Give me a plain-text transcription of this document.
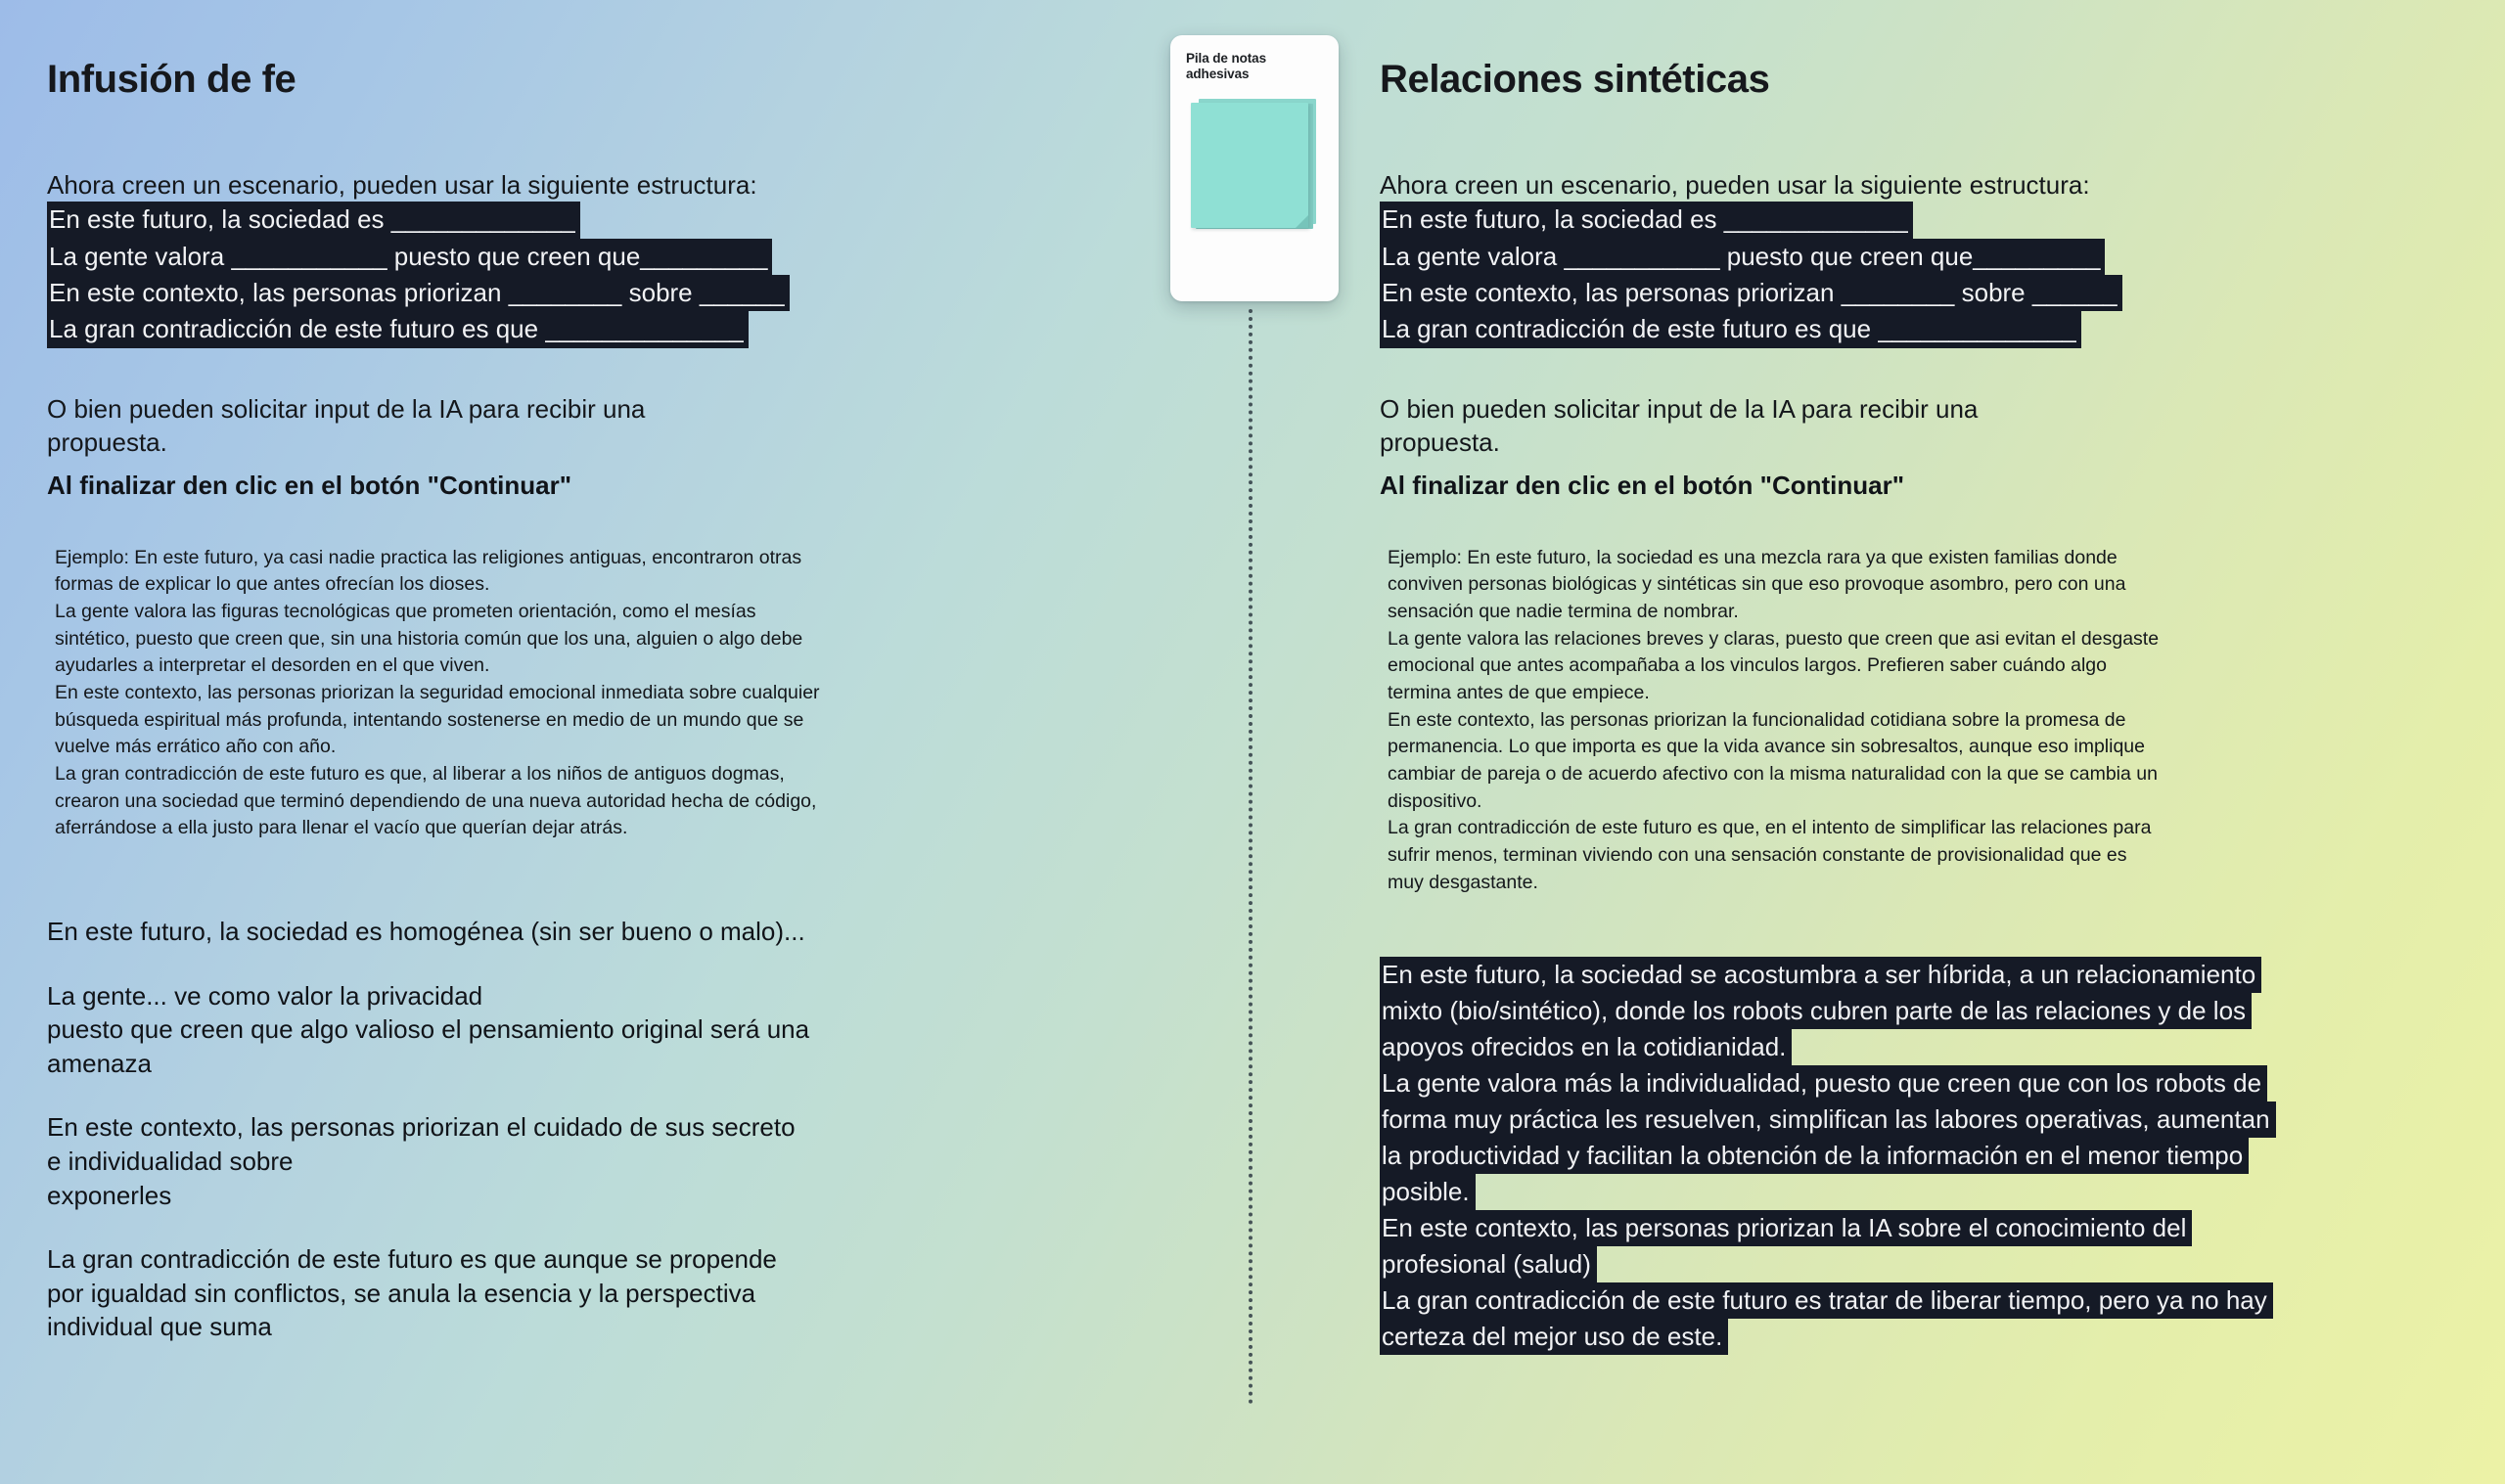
Infusión de fe
Ahora creen un escenario, pueden usar la siguiente estructura:
En este futuro, la sociedad es _____________
La gente valora ___________ puesto que creen que_________
En este contexto, las personas priorizan ________ sobre ______
La gran contradicción de este futuro es que ______________
O bien pueden solicitar input de la IA para recibir una
propuesta.
Al finalizar den clic en el botón "Continuar"

Ejemplo: En este futuro, ya casi nadie practica las religiones antiguas, encontraron otras

formas de explicar lo que antes ofrecían los dioses.

La gente valora las figuras tecnológicas que prometen orientación, como el mesías

sintético, puesto que creen que, sin una historia común que los una, alguien o algo debe

ayudarles a interpretar el desorden en el que viven.

En este contexto, las personas priorizan la seguridad emocional inmediata sobre cualquier

búsqueda espiritual más profunda, intentando sostenerse en medio de un mundo que se

vuelve más errático año con año.

La gran contradicción de este futuro es que, al liberar a los niños de antiguos dogmas,

crearon una sociedad que terminó dependiendo de una nueva autoridad hecha de código,

aferrándose a ella justo para llenar el vacío que querían dejar atrás.

En este futuro, la sociedad es homogénea (sin ser bueno o malo)...
La gente... ve como valor la privacidad
puesto que creen que algo valioso el pensamiento original será una
amenaza
En este contexto, las personas priorizan el cuidado de sus secreto
e individualidad sobre
exponerles
La gran contradicción de este futuro es que aunque se propende
por igualdad sin conflictos, se anula la esencia y la perspectiva
individual que suma
Pila de notas adhesivas	Relaciones sintéticas
Ahora creen un escenario, pueden usar la siguiente estructura:
En este futuro, la sociedad es _____________
La gente valora ___________ puesto que creen que_________
En este contexto, las personas priorizan ________ sobre ______
La gran contradicción de este futuro es que ______________
O bien pueden solicitar input de la IA para recibir una
propuesta.
Al finalizar den clic en el botón "Continuar"

Ejemplo: En este futuro, la sociedad es una mezcla rara ya que existen familias donde

conviven personas biológicas y sintéticas sin que eso provoque asombro, pero con una

sensación que nadie termina de nombrar.

La gente valora las relaciones breves y claras, puesto que creen que asi evitan el desgaste

emocional que antes acompañaba a los vinculos largos. Prefieren saber cuándo algo

termina antes de que empiece.

En este contexto, las personas priorizan la funcionalidad cotidiana sobre la promesa de

permanencia. Lo que importa es que la vida avance sin sobresaltos, aunque eso implique

cambiar de pareja o de acuerdo afectivo con la misma naturalidad con la que se cambia un

dispositivo.

La gran contradicción de este futuro es que, en el intento de simplificar las relaciones para

sufrir menos, terminan viviendo con una sensación constante de provisionalidad que es

muy desgastante.

En este futuro, la sociedad se acostumbra a ser híbrida, a un relacionamiento
mixto (bio/sintético), donde los robots cubren parte de las relaciones y de los
apoyos ofrecidos en la cotidianidad.
La gente valora más la individualidad, puesto que creen que con los robots de
forma muy práctica les resuelven, simplifican las labores operativas, aumentan
la productividad y facilitan la obtención de la información en el menor tiempo
posible.
En este contexto, las personas priorizan la IA sobre el conocimiento del
profesional (salud)
La gran contradicción de este futuro es tratar de liberar tiempo, pero ya no hay
certeza del mejor uso de este.
